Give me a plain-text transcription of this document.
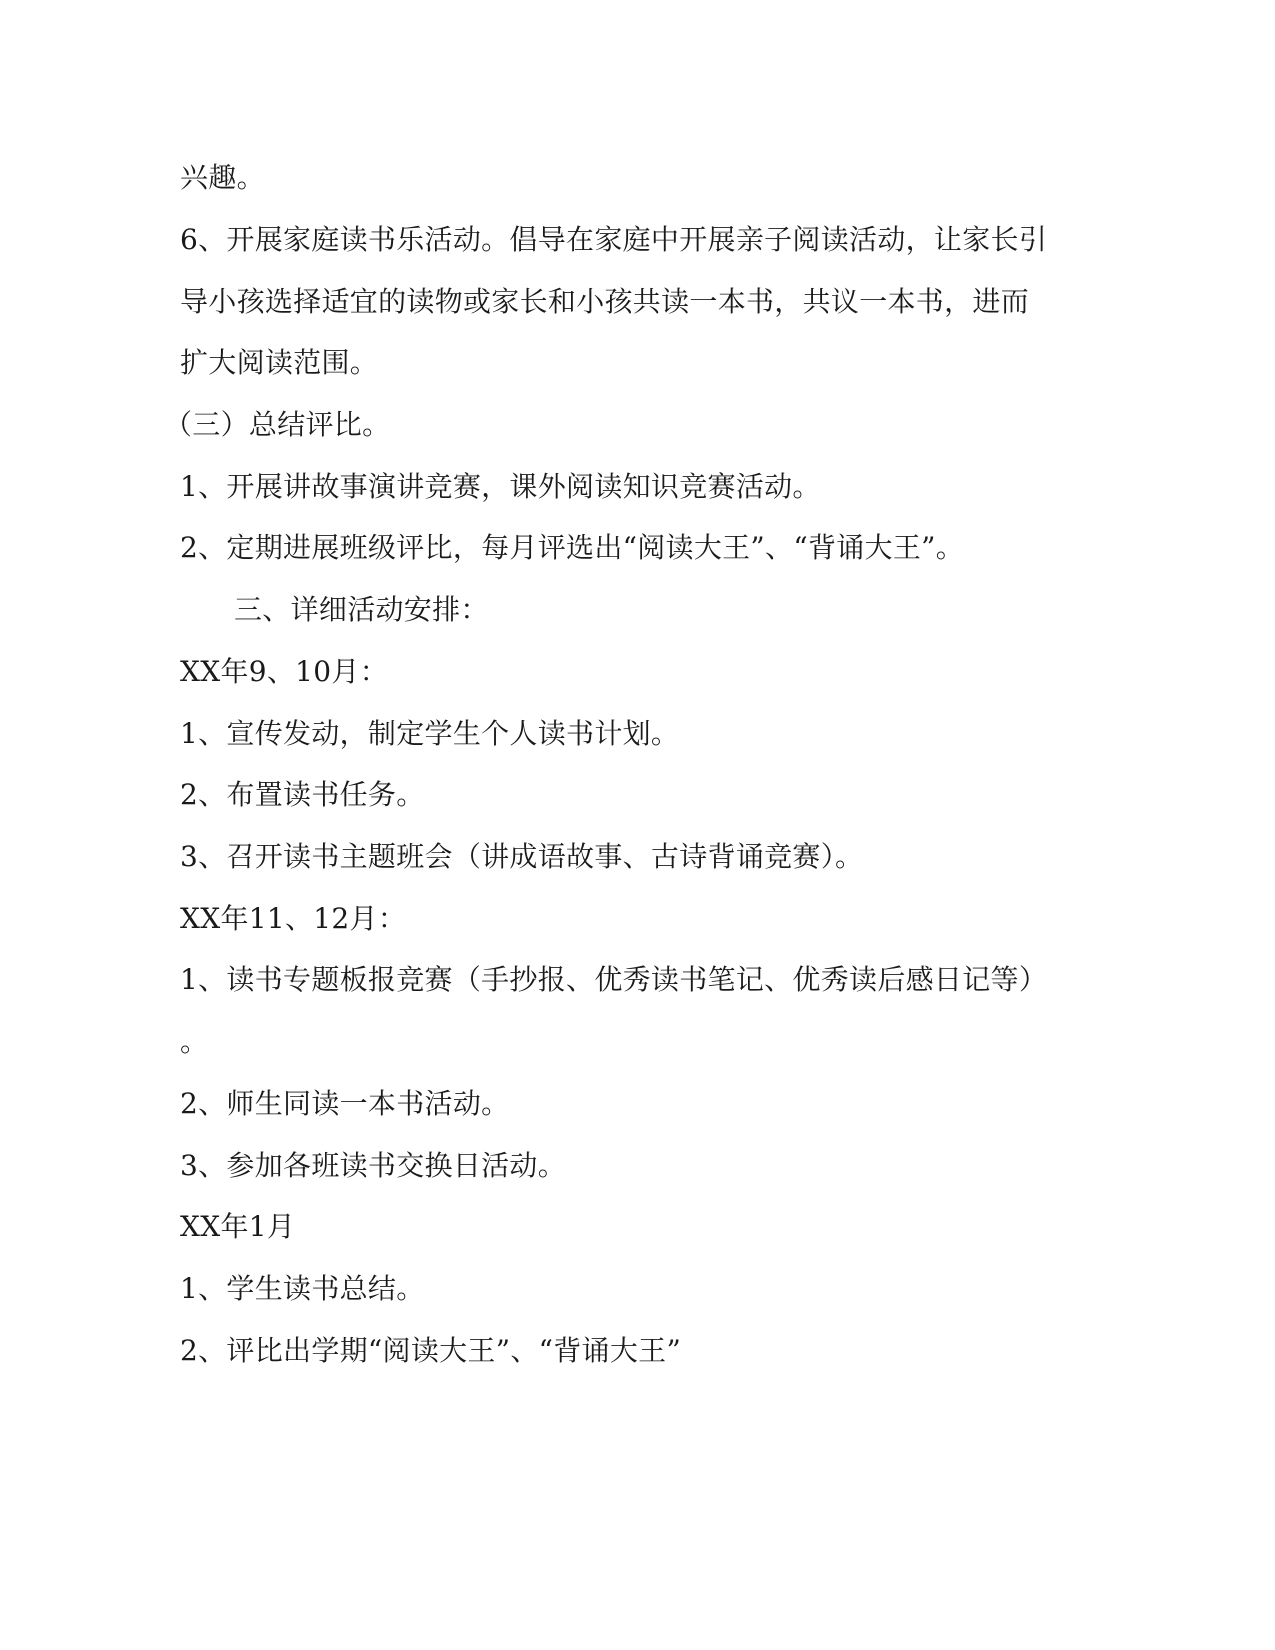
兴趣。
6、开展家庭读书乐活动。倡导在家庭中开展亲子阅读活动，让家长引
导小孩选择适宜的读物或家长和小孩共读一本书，共议一本书，进而
扩大阅读范围。
（三）总结评比。
1、开展讲故事演讲竞赛，课外阅读知识竞赛活动。
2、定期进展班级评比，每月评选出“阅读大王”、“背诵大王”。
三、详细活动安排：
XX年9、10月：
1、宣传发动，制定学生个人读书计划。
2、布置读书任务。
3、召开读书主题班会（讲成语故事、古诗背诵竞赛）。
XX年11、12月：
1、读书专题板报竞赛（手抄报、优秀读书笔记、优秀读后感日记等）
。
2、师生同读一本书活动。
3、参加各班读书交换日活动。
XX年1月
1、学生读书总结。
2、评比出学期“阅读大王”、“背诵大王”
